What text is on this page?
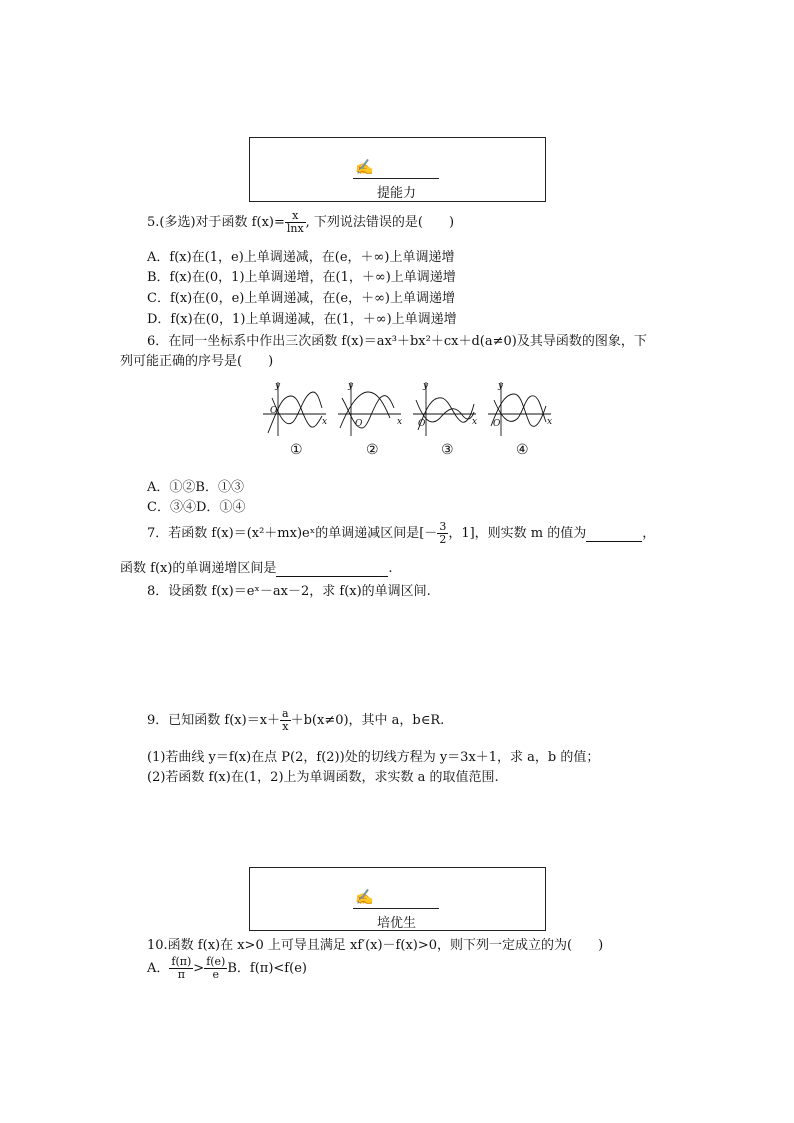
✍
提能力
5.(多选)对于函数 $f(x)= \frac{x}{\ln x}$ , 下列说法错误的是(　　)
A．f(x)在(1，e)上单调递减，在(e，＋∞)上单调递增
B．f(x)在(0，1)上单调递增，在(1，＋∞)上单调递增
C．f(x)在(0，e)上单调递减，在(e，＋∞)上单调递增
D．f(x)在(0，1)上单调递减，在(1，＋∞)上单调递增
6．在同一坐标系中作出三次函数 f(x)＝ax³＋bx²＋cx＋d(a≠0)及其导函数的图象，下
列可能正确的序号是(　　)
y
x
O
y
x
O
y
x
O
y
x
O
①	②	③	④
A．①②B．①③
C．③④D．①④
7．若函数 f(x)＝(x²＋mx)eˣ的单调递减区间是[－ $\frac{3}{2}$ ，1]，则实数 m 的值为	，
函数 f(x)的单调递增区间是	.
8．设函数 f(x)＝eˣ－ax－2，求 f(x)的单调区间.
9．已知函数 $f(x)=x+ \frac{a}{x} +b(x\ne 0)$，其中 a，b∈R.
(1)若曲线 y＝f(x)在点 P(2，f(2))处的切线方程为 y＝3x＋1，求 a，b 的值；
(2)若函数 f(x)在(1，2)上为单调函数，求实数 a 的取值范围.
✍
培优生
10.函数 f(x)在 x>0 上可导且满足 xf′(x)－f(x)>0，则下列一定成立的为(　　)
A． $\frac{f(\pi)}{\pi} > \frac{f(e)}{e}$ B．f(π)<f(e)
